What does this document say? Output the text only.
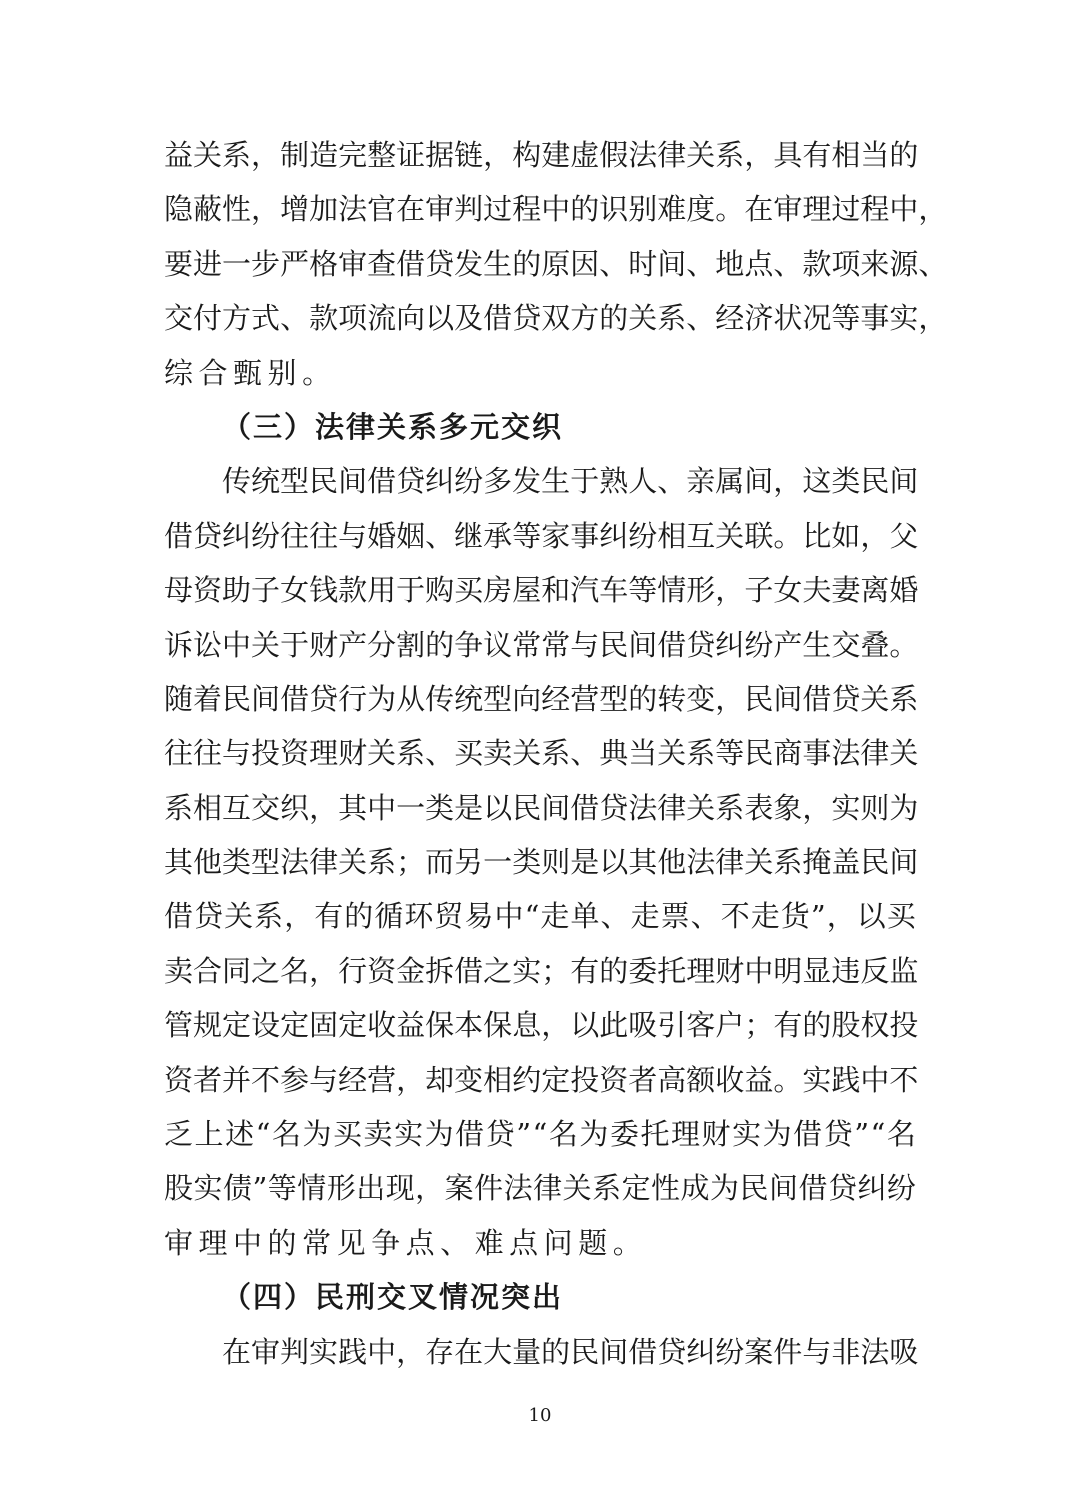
益 关 系 ， 制 造 完 整 证 据 链 ， 构 建 虚 假 法 律 关 系 ， 具 有 相 当 的
隐 蔽 性 ， 增 加 法 官 在 审 判 过 程 中 的 识 别 难 度 。 在 审 理 过 程 中 ，
要 进 一 步 严 格 审 查 借 贷 发 生 的 原 因 、 时 间 、 地 点 、 款 项 来 源 、
交 付 方 式 、 款 项 流 向 以 及 借 贷 双 方 的 关 系 、 经 济 状 况 等 事 实 ，
综 合 甄 别 。
（三）法律关系多元交织
传 统 型 民 间 借 贷 纠 纷 多 发 生 于 熟 人 、 亲 属 间 ， 这 类 民 间
借 贷 纠 纷 往 往 与 婚 姻 、 继 承 等 家 事 纠 纷 相 互 关 联 。 比 如 ， 父
母 资 助 子 女 钱 款 用 于 购 买 房 屋 和 汽 车 等 情 形 ， 子 女 夫 妻 离 婚
诉 讼 中 关 于 财 产 分 割 的 争 议 常 常 与 民 间 借 贷 纠 纷 产 生 交 叠 。
随 着 民 间 借 贷 行 为 从 传 统 型 向 经 营 型 的 转 变 ， 民 间 借 贷 关 系
往 往 与 投 资 理 财 关 系 、 买 卖 关 系 、 典 当 关 系 等 民 商 事 法 律 关
系 相 互 交 织 ， 其 中 一 类 是 以 民 间 借 贷 法 律 关 系 表 象 ， 实 则 为
其 他 类 型 法 律 关 系 ； 而 另 一 类 则 是 以 其 他 法 律 关 系 掩 盖 民 间
借 贷 关 系 ， 有 的 循 环 贸 易 中 “ 走 单 、 走 票 、 不 走 货 ” ， 以 买
卖 合 同 之 名 ， 行 资 金 拆 借 之 实 ； 有 的 委 托 理 财 中 明 显 违 反 监
管 规 定 设 定 固 定 收 益 保 本 保 息 ， 以 此 吸 引 客 户 ； 有 的 股 权 投
资 者 并 不 参 与 经 营 ， 却 变 相 约 定 投 资 者 高 额 收 益 。 实 践 中 不
乏 上 述 “ 名 为 买 卖 实 为 借 贷 ” “ 名 为 委 托 理 财 实 为 借 贷 ” “ 名
股 实 债 ” 等 情 形 出 现 ， 案 件 法 律 关 系 定 性 成 为 民 间 借 贷 纠 纷
审 理 中 的 常 见 争 点 、 难 点 问 题 。
（四）民刑交叉情况突出
在 审 判 实 践 中 ， 存 在 大 量 的 民 间 借 贷 纠 纷 案 件 与 非 法 吸
10
